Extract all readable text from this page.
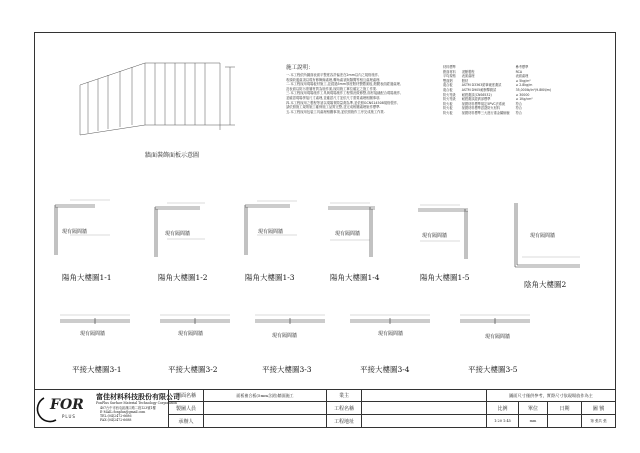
牆面裝飾面板示意圖
施工說明：
一.本工程依所圖面表面平整度容許偏差在2mm以內之規格施作,
收頭收邊處須以現有修飾線處理,轉角處須與隔間等相互處理處理.
二.本工程採用現場板材施工,並經過5mm厚度鋁材整體面板,鋁膜表面經過處理,
及表面以防污塗層材質為施作面,採同施工單位確定之施工作業.
三.本工程採用現場施作工具與現場施作工程情況做修整,面材接縫配合現場施作,
並確認現場拼接尺寸處理,並確認尺寸並依尺寸需要處理相關事項.
四.本工程採用之製程等須以現場實際量測為準,並依照GCNS14508規格製作,
請依照施工規則施工確保施工品質完整,並完成相關處理施作標準.
五.本工程採用包裝工具處理相關事項,並依照施作工序完成施工作業.
材料標準		參考標準
鋁面材料	滾壓製程	RCA
平均規格	表面處理	表面處理
雙面鋁	鋁材	≥ 5kg/m²
複合板	ASTM D3363鉛筆硬度測試	≥ 2.8kg/m
複合板	ASTM D905耐衝擊測試	35,000Ib/in²(9.8KN/m)
防火等級	耐燃測試(CNS6532)	≥ 30000
防火等級	耐燃測試經濟部標準	≥ 1Kg/cm²
防火板	採國材料標準規定5PVC法系統	符合
防火板	採國材料標準認證防火材料	符合
防火板	採國材料標準三大進行重金屬檢驗	符合
現有隔間牆
陽角大樓圖1-1
現有隔間牆
陽角大樓圖1-2
現有隔間牆
陽角大樓圖1-3
現有隔間牆
陽角大樓圖1-4
現有隔間牆
陽角大樓圖1-5
現有隔間牆
陰角大樓圖2
現有隔間牆
平接大樓圖3-1
現有隔間牆
平接大樓圖3-2
現有隔間牆
平接大樓圖3-3
現有隔間牆
平接大樓圖3-4
現有隔間牆
平接大樓圖3-5
FOR
PLUS
富佳材料科技股份有限公司
FonPlus Surface Material Technology Corporation
407台中市西屯區漢口路二段123號1樓
E-MAIL:fonplus@gmail.com
TEL:(04)2472-6686
FAX:(04)2472-6688
圖面名稱	面板複合板(5mm含鋁)牆面施工
製圖人員
承辦人
業主
工程名稱
工程地址
圖面尺寸僅供參考，實際尺寸依現場放作為主
比例	單位	日期	圖 號
1:20 1:45	mm	第 張共 張
